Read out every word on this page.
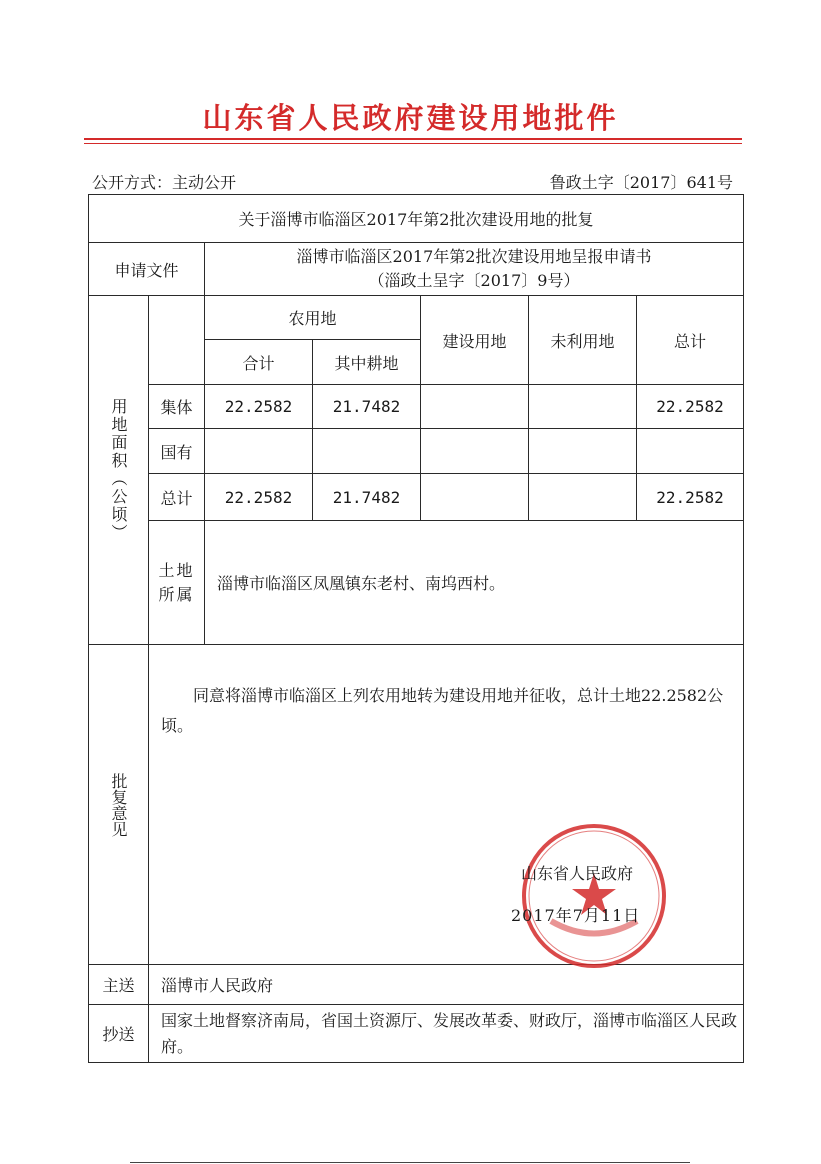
山东省人民政府建设用地批件
公开方式：主动公开	鲁政土字〔2017〕641号
关于淄博市临淄区2017年第2批次建设用地的批复						
申请文件		淄博市临淄区2017年第2批次建设用地呈报申请书
（淄政土呈字〔2017〕9号）				

用地面积（公顷）		农用地		建设用地	未利用地	总计
		合计	其中耕地			
	集体	22.2582	21.7482			22.2582
	国有					
	总计	22.2582	21.7482			22.2582

	土地所属	淄博市临淄区凤凰镇东老村、南坞西村。				

批复意见	同意将淄博市临淄区上列农用地转为建设用地并征收，总计土地22.2582公顷。
山东省人民政府
2017年7月11日					

主送	淄博市人民政府					
抄送	国家土地督察济南局，省国土资源厅、发展改革委、财政厅，淄博市临淄区人民政府。					
